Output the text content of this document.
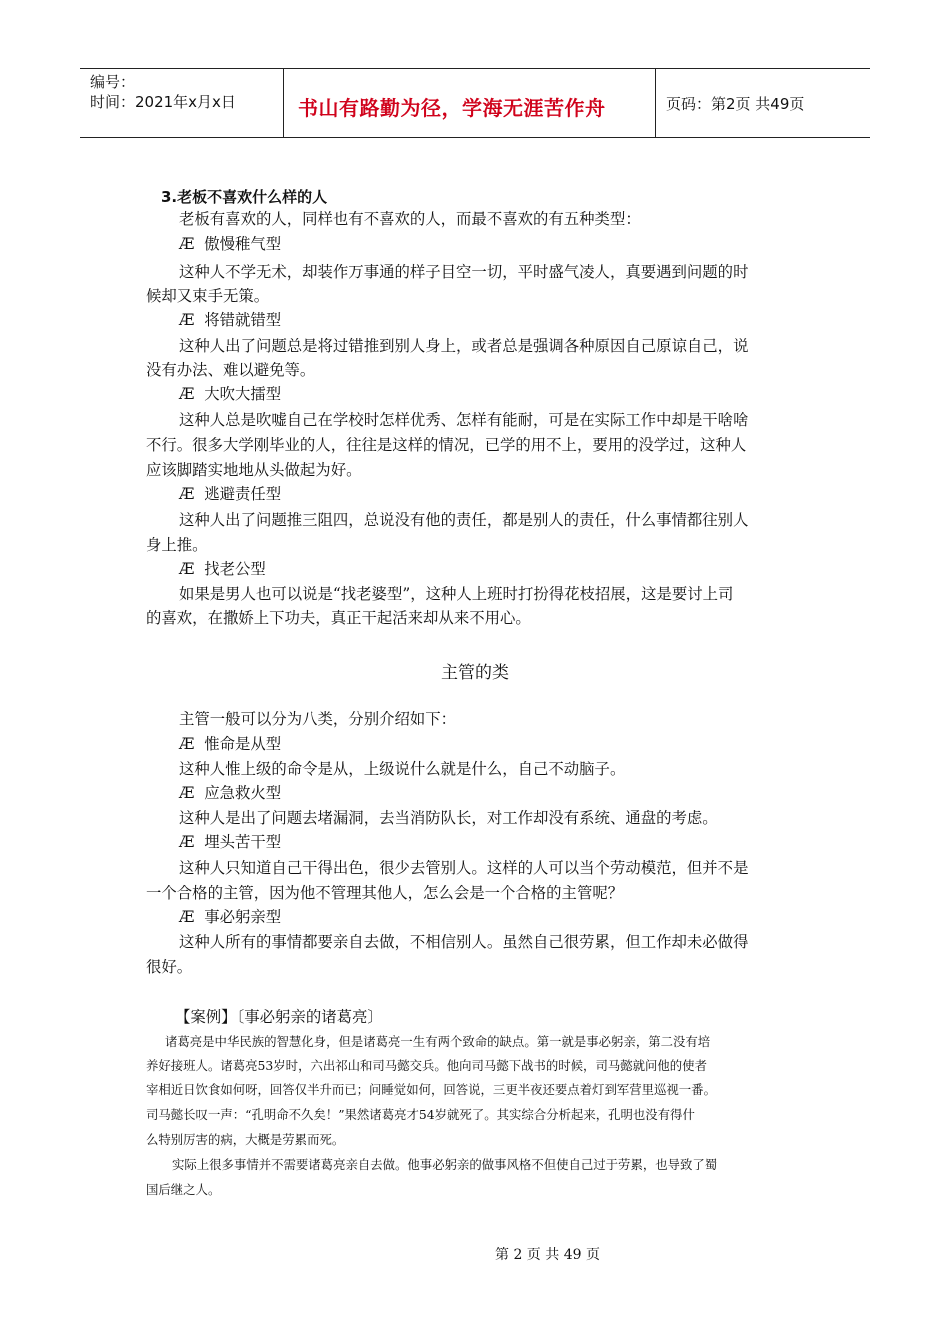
编号：
时间：2021年x月x日	书山有路勤为径，学海无涯苦作舟	页码：第2页 共49页
3.老板不喜欢什么样的人
老板有喜欢的人，同样也有不喜欢的人，而最不喜欢的有五种类型：
Æ 傲慢稚气型
这种人不学无术，却装作万事通的样子目空一切，平时盛气凌人，真要遇到问题的时
候却又束手无策。
Æ 将错就错型
这种人出了问题总是将过错推到别人身上，或者总是强调各种原因自己原谅自己，说
没有办法、难以避免等。
Æ 大吹大擂型
这种人总是吹嘘自己在学校时怎样优秀、怎样有能耐，可是在实际工作中却是干啥啥
不行。很多大学刚毕业的人，往往是这样的情况，已学的用不上，要用的没学过，这种人
应该脚踏实地地从头做起为好。
Æ 逃避责任型
这种人出了问题推三阻四，总说没有他的责任，都是别人的责任，什么事情都往别人
身上推。
Æ 找老公型
如果是男人也可以说是“找老婆型”，这种人上班时打扮得花枝招展，这是要讨上司
的喜欢，在撒娇上下功夫，真正干起活来却从来不用心。
主管的类
主管一般可以分为八类，分别介绍如下：
Æ 惟命是从型
这种人惟上级的命令是从，上级说什么就是什么，自己不动脑子。
Æ 应急救火型
这种人是出了问题去堵漏洞，去当消防队长，对工作却没有系统、通盘的考虑。
Æ 埋头苦干型
这种人只知道自己干得出色，很少去管别人。这样的人可以当个劳动模范，但并不是
一个合格的主管，因为他不管理其他人，怎么会是一个合格的主管呢？
Æ 事必躬亲型
这种人所有的事情都要亲自去做，不相信别人。虽然自己很劳累，但工作却未必做得
很好。
【案例】〔事必躬亲的诸葛亮〕
诸葛亮是中华民族的智慧化身，但是诸葛亮一生有两个致命的缺点。第一就是事必躬亲，第二没有培
养好接班人。诸葛亮53岁时，六出祁山和司马懿交兵。他向司马懿下战书的时候，司马懿就问他的使者
宰相近日饮食如何呀，回答仅半升而已；问睡觉如何，回答说，三更半夜还要点着灯到军营里巡视一番。
司马懿长叹一声：“孔明命不久矣！”果然诸葛亮才54岁就死了。其实综合分析起来，孔明也没有得什
么特别厉害的病，大概是劳累而死。
实际上很多事情并不需要诸葛亮亲自去做。他事必躬亲的做事风格不但使自己过于劳累，也导致了蜀
国后继之人。
第 2 页 共 49 页
